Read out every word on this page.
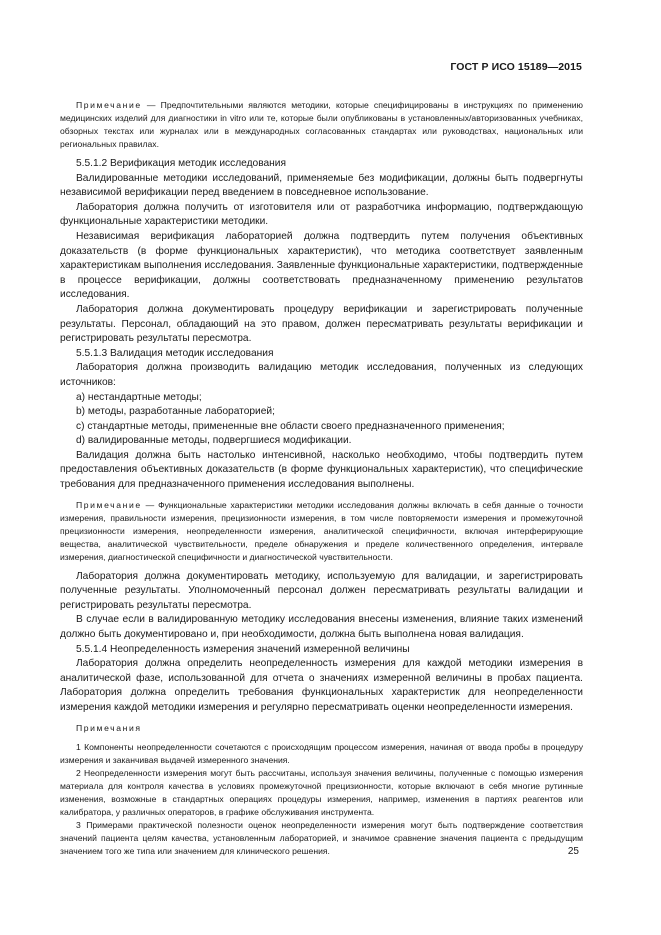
ГОСТ Р ИСО 15189—2015

Примечание — Предпочтительными являются методики, которые специфицированы в инструкциях по применению медицинских изделий для диагностики in vitro или те, которые были опубликованы в установленных/авторизованных учебниках, обзорных текстах или журналах или в международных согласованных стандартах или руководствах, национальных или региональных правилах.

5.5.1.2 Верификация методик исследования

Валидированные методики исследований, применяемые без модификации, должны быть подвергнуты независимой верификации перед введением в повседневное использование.

Лаборатория должна получить от изготовителя или от разработчика информацию, подтверждающую функциональные характеристики методики.

Независимая верификация лабораторией должна подтвердить путем получения объективных доказательств (в форме функциональных характеристик), что методика соответствует заявленным характеристикам выполнения исследования. Заявленные функциональные характеристики, подтвержденные в процессе верификации, должны соответствовать предназначенному применению результатов исследования.

Лаборатория должна документировать процедуру верификации и зарегистрировать полученные результаты. Персонал, обладающий на это правом, должен пересматривать результаты верификации и регистрировать результаты пересмотра.

5.5.1.3 Валидация методик исследования

Лаборатория должна производить валидацию методик исследования, полученных из следующих источников:

a) нестандартные методы;

b) методы, разработанные лабораторией;

c) стандартные методы, примененные вне области своего предназначенного применения;

d) валидированные методы, подвергшиеся модификации.

Валидация должна быть настолько интенсивной, насколько необходимо, чтобы подтвердить путем предоставления объективных доказательств (в форме функциональных характеристик), что специфические требования для предназначенного применения исследования выполнены.

Примечание — Функциональные характеристики методики исследования должны включать в себя данные о точности измерения, правильности измерения, прецизионности измерения, в том числе повторяемости измерения и промежуточной прецизионности измерения, неопределенности измерения, аналитической специфичности, включая интерферирующие вещества, аналитической чувствительности, пределе обнаружения и пределе количественного определения, интервале измерения, диагностической специфичности и диагностической чувствительности.

Лаборатория должна документировать методику, используемую для валидации, и зарегистрировать полученные результаты. Уполномоченный персонал должен пересматривать результаты валидации и регистрировать результаты пересмотра.

В случае если в валидированную методику исследования внесены изменения, влияние таких изменений должно быть документировано и, при необходимости, должна быть выполнена новая валидация.

5.5.1.4 Неопределенность измерения значений измеренной величины

Лаборатория должна определить неопределенность измерения для каждой методики измерения в аналитической фазе, использованной для отчета о значениях измеренной величины в пробах пациента. Лаборатория должна определить требования функциональных характеристик для неопределенности измерения каждой методики измерения и регулярно пересматривать оценки неопределенности измерения.

Примечания

1 Компоненты неопределенности сочетаются с происходящим процессом измерения, начиная от ввода пробы в процедуру измерения и заканчивая выдачей измеренного значения.

2 Неопределенности измерения могут быть рассчитаны, используя значения величины, полученные с помощью измерения материала для контроля качества в условиях промежуточной прецизионности, которые включают в себя многие рутинные изменения, возможные в стандартных операциях процедуры измерения, например, изменения в партиях реагентов или калибратора, у различных операторов, в графике обслуживания инструмента.

3 Примерами практической полезности оценок неопределенности измерения могут быть подтверждение соответствия значений пациента целям качества, установленным лабораторией, и значимое сравнение значения пациента с предыдущим значением того же типа или значением для клинического решения.	25
